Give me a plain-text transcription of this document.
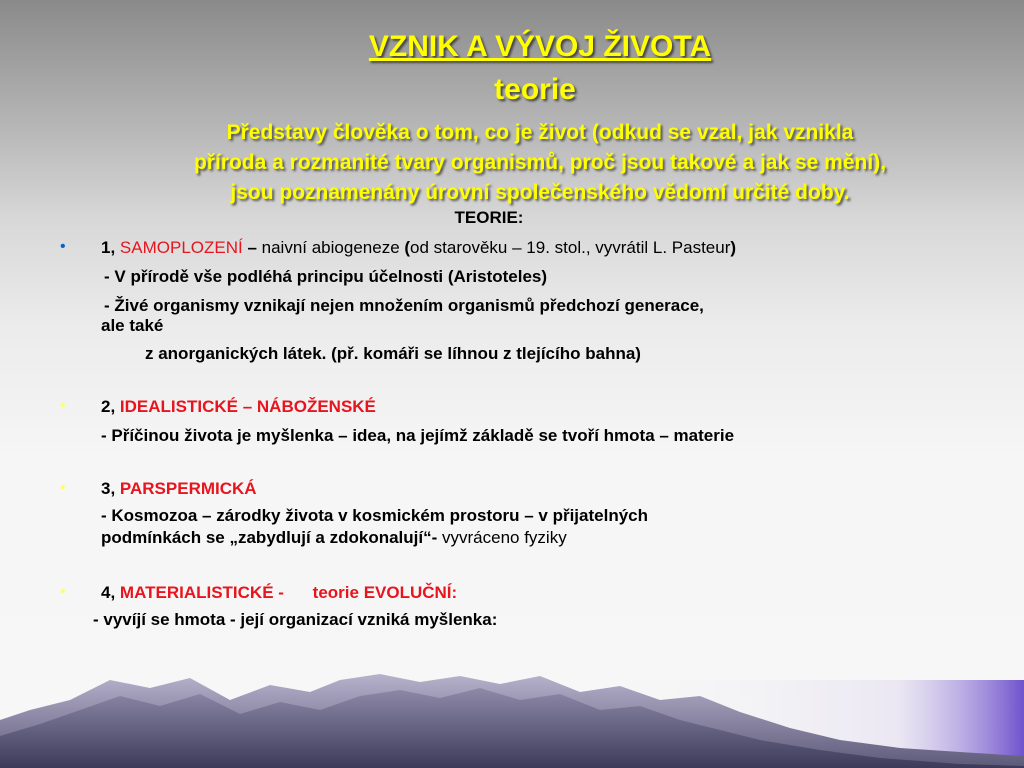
VZNIK A VÝVOJ ŽIVOTA
teorie
Představy člověka o tom, co je život (odkud se vzal, jak vznikla
příroda a rozmanité tvary organismů, proč jsou takové a jak se mění),
jsou poznamenány úrovní společenského vědomí určité doby.
TEORIE:
• 1, SAMOPLOZENÍ – naivní abiogeneze (od starověku – 19. stol., vyvrátil L. Pasteur)
- V přírodě vše podléhá principu účelnosti (Aristoteles)
- Živé organismy vznikají nejen množením organismů předchozí generace,
ale také
z anorganických látek. (př. komáři se líhnou z tlejícího bahna)
• 2, IDEALISTICKÉ – NÁBOŽENSKÉ
- Příčinou života je myšlenka – idea, na jejímž základě se tvoří hmota – materie
• 3, PARSPERMICKÁ
- Kosmozoa – zárodky života v kosmickém prostoru – v přijatelných
podmínkách se „zabydlují a zdokonalují“- vyvráceno fyziky
• 4, MATERIALISTICKÉ - teorie EVOLUČNÍ:
- vyvíjí se hmota - její organizací vzniká myšlenka:
